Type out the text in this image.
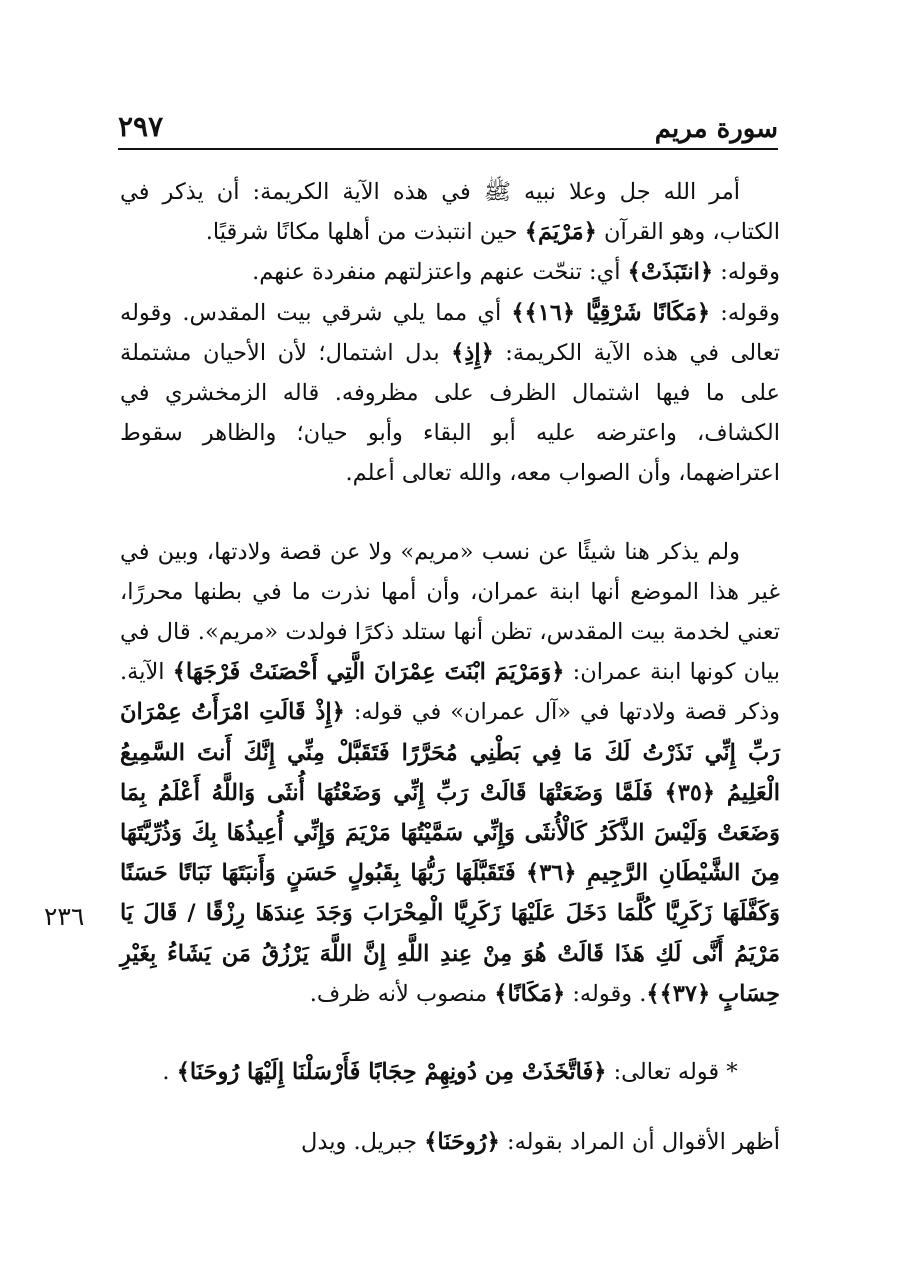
سورة مريم
٢٩٧
٢٣٦

أمر الله جل وعلا نبيه ﷺ في هذه الآية الكريمة: أن يذكر في الكتاب، وهو القرآن ﴿مَرْيَمَ﴾ حين انتبذت من أهلها مكانًا شرقيًا.

وقوله: ﴿انتَبَذَتْ﴾ أي: تنحّت عنهم واعتزلتهم منفردة عنهم.

وقوله: ﴿مَكَانًا شَرْقِيًّا ﴿١٦﴾﴾ أي مما يلي شرقي بيت المقدس. وقوله تعالى في هذه الآية الكريمة: ﴿إِذِ﴾ بدل اشتمال؛ لأن الأحيان مشتملة على ما فيها اشتمال الظرف على مظروفه. قاله الزمخشري في الكشاف، واعترضه عليه أبو البقاء وأبو حيان؛ والظاهر سقوط اعتراضهما، وأن الصواب معه، والله تعالى أعلم.

ولم يذكر هنا شيئًا عن نسب «مريم» ولا عن قصة ولادتها، وبين في غير هذا الموضع أنها ابنة عمران، وأن أمها نذرت ما في بطنها محررًا، تعني لخدمة بيت المقدس، تظن أنها ستلد ذكرًا فولدت «مريم». قال في بيان كونها ابنة عمران: ﴿وَمَرْيَمَ ابْنَتَ عِمْرَانَ الَّتِي أَحْصَنَتْ فَرْجَهَا﴾ الآية. وذكر قصة ولادتها في «آل عمران» في قوله: ﴿إِذْ قَالَتِ امْرَأَتُ عِمْرَانَ رَبِّ إِنِّي نَذَرْتُ لَكَ مَا فِي بَطْنِي مُحَرَّرًا فَتَقَبَّلْ مِنِّي إِنَّكَ أَنتَ السَّمِيعُ الْعَلِيمُ ﴿٣٥﴾ فَلَمَّا وَضَعَتْهَا قَالَتْ رَبِّ إِنِّي وَضَعْتُهَا أُنثَى وَاللَّهُ أَعْلَمُ بِمَا وَضَعَتْ وَلَيْسَ الذَّكَرُ كَالْأُنثَى وَإِنِّي سَمَّيْتُهَا مَرْيَمَ وَإِنِّي أُعِيذُهَا بِكَ وَذُرِّيَّتَهَا مِنَ الشَّيْطَانِ الرَّجِيمِ ﴿٣٦﴾ فَتَقَبَّلَهَا رَبُّهَا بِقَبُولٍ حَسَنٍ وَأَنبَتَهَا نَبَاتًا حَسَنًا وَكَفَّلَهَا زَكَرِيَّا كُلَّمَا دَخَلَ عَلَيْهَا زَكَرِيَّا الْمِحْرَابَ وَجَدَ عِندَهَا رِزْقًا / قَالَ يَا مَرْيَمُ أَنَّى لَكِ هَذَا قَالَتْ هُوَ مِنْ عِندِ اللَّهِ إِنَّ اللَّهَ يَرْزُقُ مَن يَشَاءُ بِغَيْرِ حِسَابٍ ﴿٣٧﴾﴾. وقوله: ﴿مَكَانًا﴾ منصوب لأنه ظرف.

* قوله تعالى: ﴿فَاتَّخَذَتْ مِن دُونِهِمْ حِجَابًا فَأَرْسَلْنَا إِلَيْهَا رُوحَنَا﴾ .

أظهر الأقوال أن المراد بقوله: ﴿رُوحَنَا﴾ جبريل. ويدل
